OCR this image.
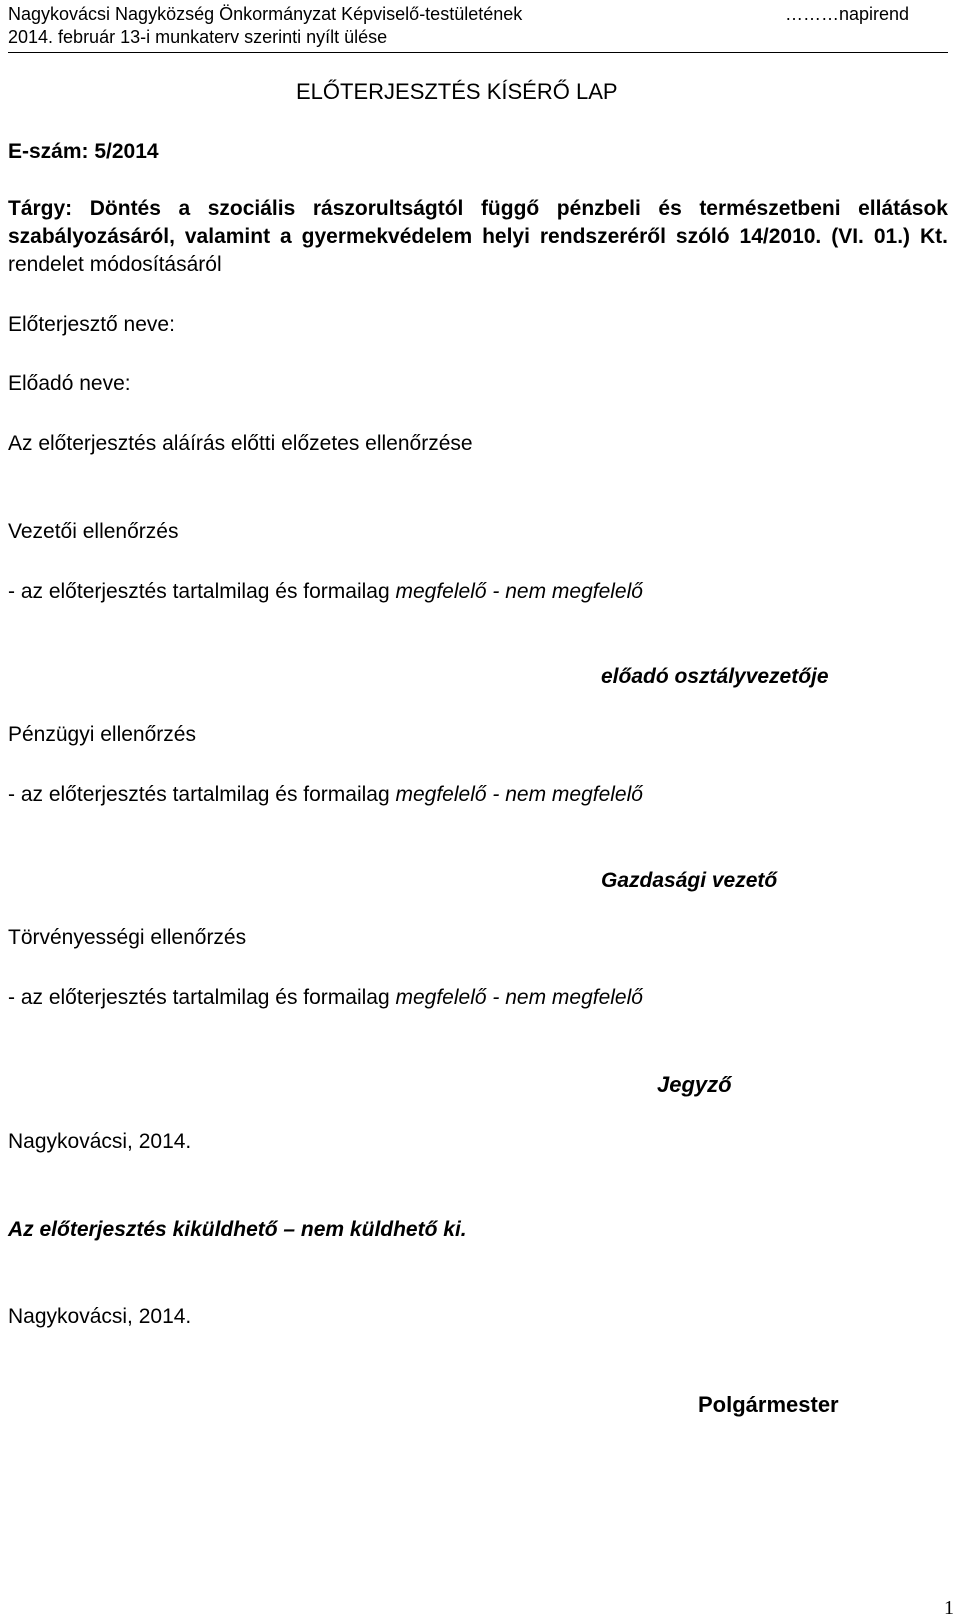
Nagykovácsi Nagyközség Önkormányzat Képviselő-testületének	………napirend
2014. február 13-i munkaterv szerinti nyílt ülése
ELŐTERJESZTÉS KÍSÉRŐ LAP
E-szám: 5/2014
Tárgy: Döntés a szociális rászorultságtól függő pénzbeli és természetbeni ellátások szabályozásáról, valamint a gyermekvédelem helyi rendszeréről szóló 14/2010. (VI. 01.) Kt. rendelet módosításáról
Előterjesztő neve:
Előadó neve:
Az előterjesztés aláírás előtti előzetes ellenőrzése
Vezetői ellenőrzés
- az előterjesztés tartalmilag és formailag megfelelő - nem megfelelő
előadó osztályvezetője
Pénzügyi ellenőrzés
- az előterjesztés tartalmilag és formailag megfelelő - nem megfelelő
Gazdasági vezető
Törvényességi ellenőrzés
- az előterjesztés tartalmilag és formailag megfelelő - nem megfelelő
Jegyző
Nagykovácsi, 2014.
Az előterjesztés kiküldhető – nem küldhető ki.
Nagykovácsi, 2014.
Polgármester
1
